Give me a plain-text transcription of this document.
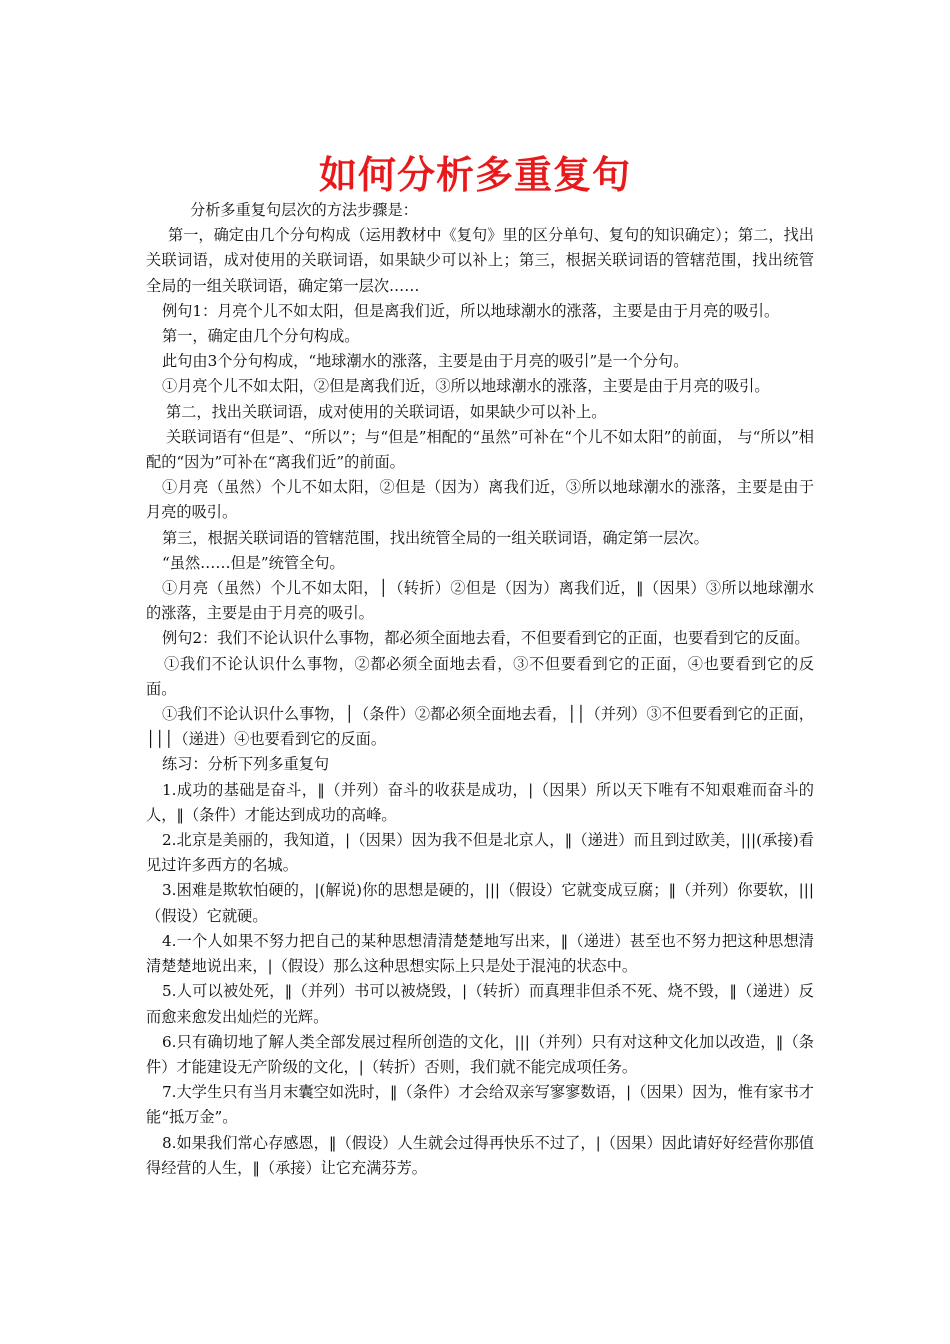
如何分析多重复句

分析多重复句层次的方法步骤是：

第一，确定由几个分句构成（运用教材中《复句》里的区分单句、复句的知识确定）；第二，找出关联词语，成对使用的关联词语，如果缺少可以补上；第三，根据关联词语的管辖范围，找出统管全局的一组关联词语，确定第一层次……

例句1：月亮个儿不如太阳，但是离我们近，所以地球潮水的涨落，主要是由于月亮的吸引。

第一，确定由几个分句构成。

此句由3个分句构成，“地球潮水的涨落，主要是由于月亮的吸引”是一个分句。

①月亮个儿不如太阳，②但是离我们近，③所以地球潮水的涨落，主要是由于月亮的吸引。

第二，找出关联词语，成对使用的关联词语，如果缺少可以补上。

关联词语有“但是”、“所以”；与“但是”相配的“虽然”可补在“个儿不如太阳”的前面， 与“所以”相配的“因为”可补在“离我们近”的前面。

①月亮（虽然）个儿不如太阳，②但是（因为）离我们近，③所以地球潮水的涨落，主要是由于月亮的吸引。

第三，根据关联词语的管辖范围，找出统管全局的一组关联词语，确定第一层次。

“虽然……但是”统管全句。

①月亮（虽然）个儿不如太阳，│（转折）②但是（因为）离我们近，‖（因果）③所以地球潮水的涨落，主要是由于月亮的吸引。

例句2：我们不论认识什么事物，都必须全面地去看，不但要看到它的正面，也要看到它的反面。

①我们不论认识什么事物，②都必须全面地去看，③不但要看到它的正面，④也要看到它的反面。

①我们不论认识什么事物，│（条件）②都必须全面地去看，││（并列）③不但要看到它的正面，│││（递进）④也要看到它的反面。

练习：分析下列多重复句

1.成功的基础是奋斗，‖（并列）奋斗的收获是成功，|（因果）所以天下唯有不知艰难而奋斗的人，‖（条件）才能达到成功的高峰。

2.北京是美丽的，我知道，|（因果）因为我不但是北京人，‖（递进）而且到过欧美，|||(承接)看见过许多西方的名城。

3.困难是欺软怕硬的，|(解说)你的思想是硬的，|||（假设）它就变成豆腐；‖（并列）你要软，|||（假设）它就硬。

4.一个人如果不努力把自己的某种思想清清楚楚地写出来，‖（递进）甚至也不努力把这种思想清清楚楚地说出来，|（假设）那么这种思想实际上只是处于混沌的状态中。

5.人可以被处死，‖（并列）书可以被烧毁，|（转折）而真理非但杀不死、烧不毁，‖（递进）反而愈来愈发出灿烂的光辉。

6.只有确切地了解人类全部发展过程所创造的文化，|||（并列）只有对这种文化加以改造，‖（条件）才能建设无产阶级的文化，|（转折）否则，我们就不能完成项任务。

7.大学生只有当月末囊空如洗时，‖（条件）才会给双亲写寥寥数语，|（因果）因为，惟有家书才能“抵万金”。

8.如果我们常心存感恩，‖（假设）人生就会过得再快乐不过了，|（因果）因此请好好经营你那值得经营的人生，‖（承接）让它充满芬芳。
